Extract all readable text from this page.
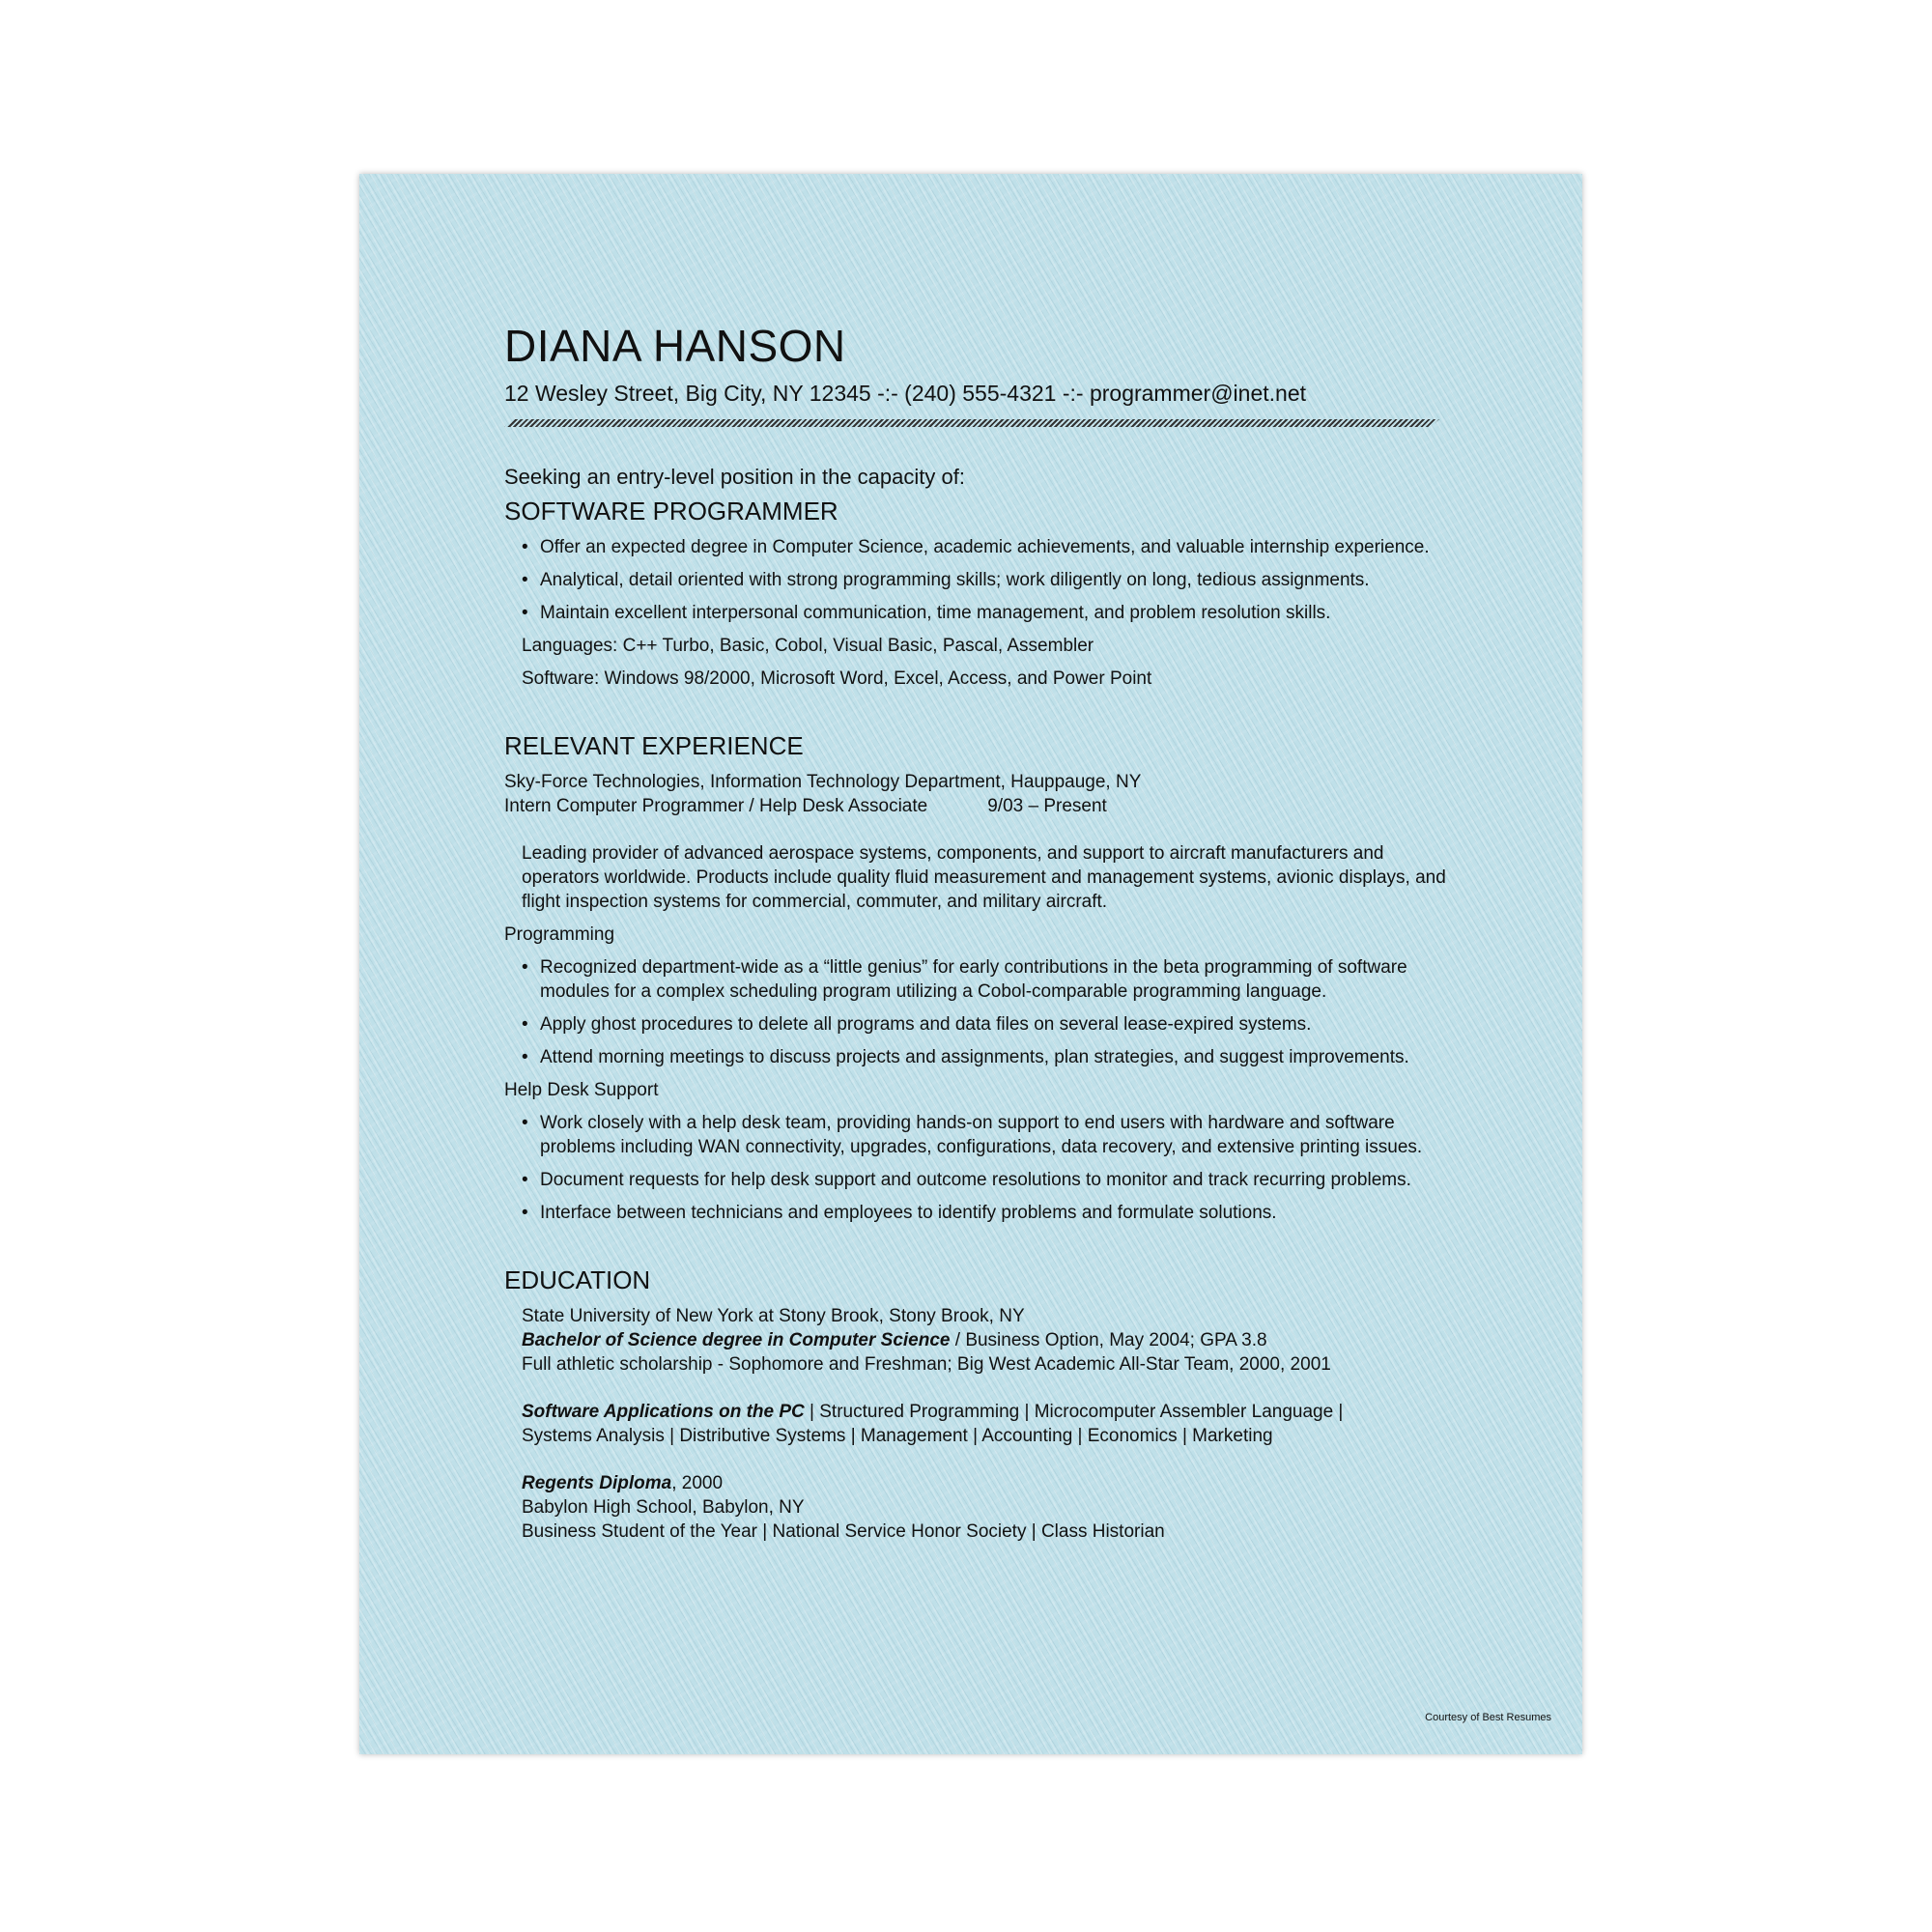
DIANA HANSON
12 Wesley Street, Big City, NY 12345 -:- (240) 555-4321 -:- programmer@inet.net
Seeking an entry-level position in the capacity of:
SOFTWARE PROGRAMMER
• Offer an expected degree in Computer Science, academic achievements, and valuable internship experience.
• Analytical, detail oriented with strong programming skills; work diligently on long, tedious assignments.
• Maintain excellent interpersonal communication, time management, and problem resolution skills.
Languages: C++ Turbo, Basic, Cobol, Visual Basic, Pascal, Assembler
Software: Windows 98/2000, Microsoft Word, Excel, Access, and Power Point
RELEVANT EXPERIENCE
Sky-Force Technologies, Information Technology Department, Hauppauge, NY
Intern Computer Programmer / Help Desk Associate	9/03 – Present
Leading provider of advanced aerospace systems, components, and support to aircraft manufacturers and operators worldwide. Products include quality fluid measurement and management systems, avionic displays, and flight inspection systems for commercial, commuter, and military aircraft.
Programming
• Recognized department-wide as a “little genius” for early contributions in the beta programming of software modules for a complex scheduling program utilizing a Cobol-comparable programming language.
• Apply ghost procedures to delete all programs and data files on several lease-expired systems.
• Attend morning meetings to discuss projects and assignments, plan strategies, and suggest improvements.
Help Desk Support
• Work closely with a help desk team, providing hands-on support to end users with hardware and software problems including WAN connectivity, upgrades, configurations, data recovery, and extensive printing issues.
• Document requests for help desk support and outcome resolutions to monitor and track recurring problems.
• Interface between technicians and employees to identify problems and formulate solutions.
EDUCATION
State University of New York at Stony Brook, Stony Brook, NY
Bachelor of Science degree in Computer Science / Business Option, May 2004; GPA 3.8
Full athletic scholarship - Sophomore and Freshman; Big West Academic All-Star Team, 2000, 2001
Software Applications on the PC | Structured Programming | Microcomputer Assembler Language |
Systems Analysis | Distributive Systems | Management | Accounting | Economics | Marketing
Regents Diploma, 2000
Babylon High School, Babylon, NY
Business Student of the Year | National Service Honor Society | Class Historian
Courtesy of Best Resumes
